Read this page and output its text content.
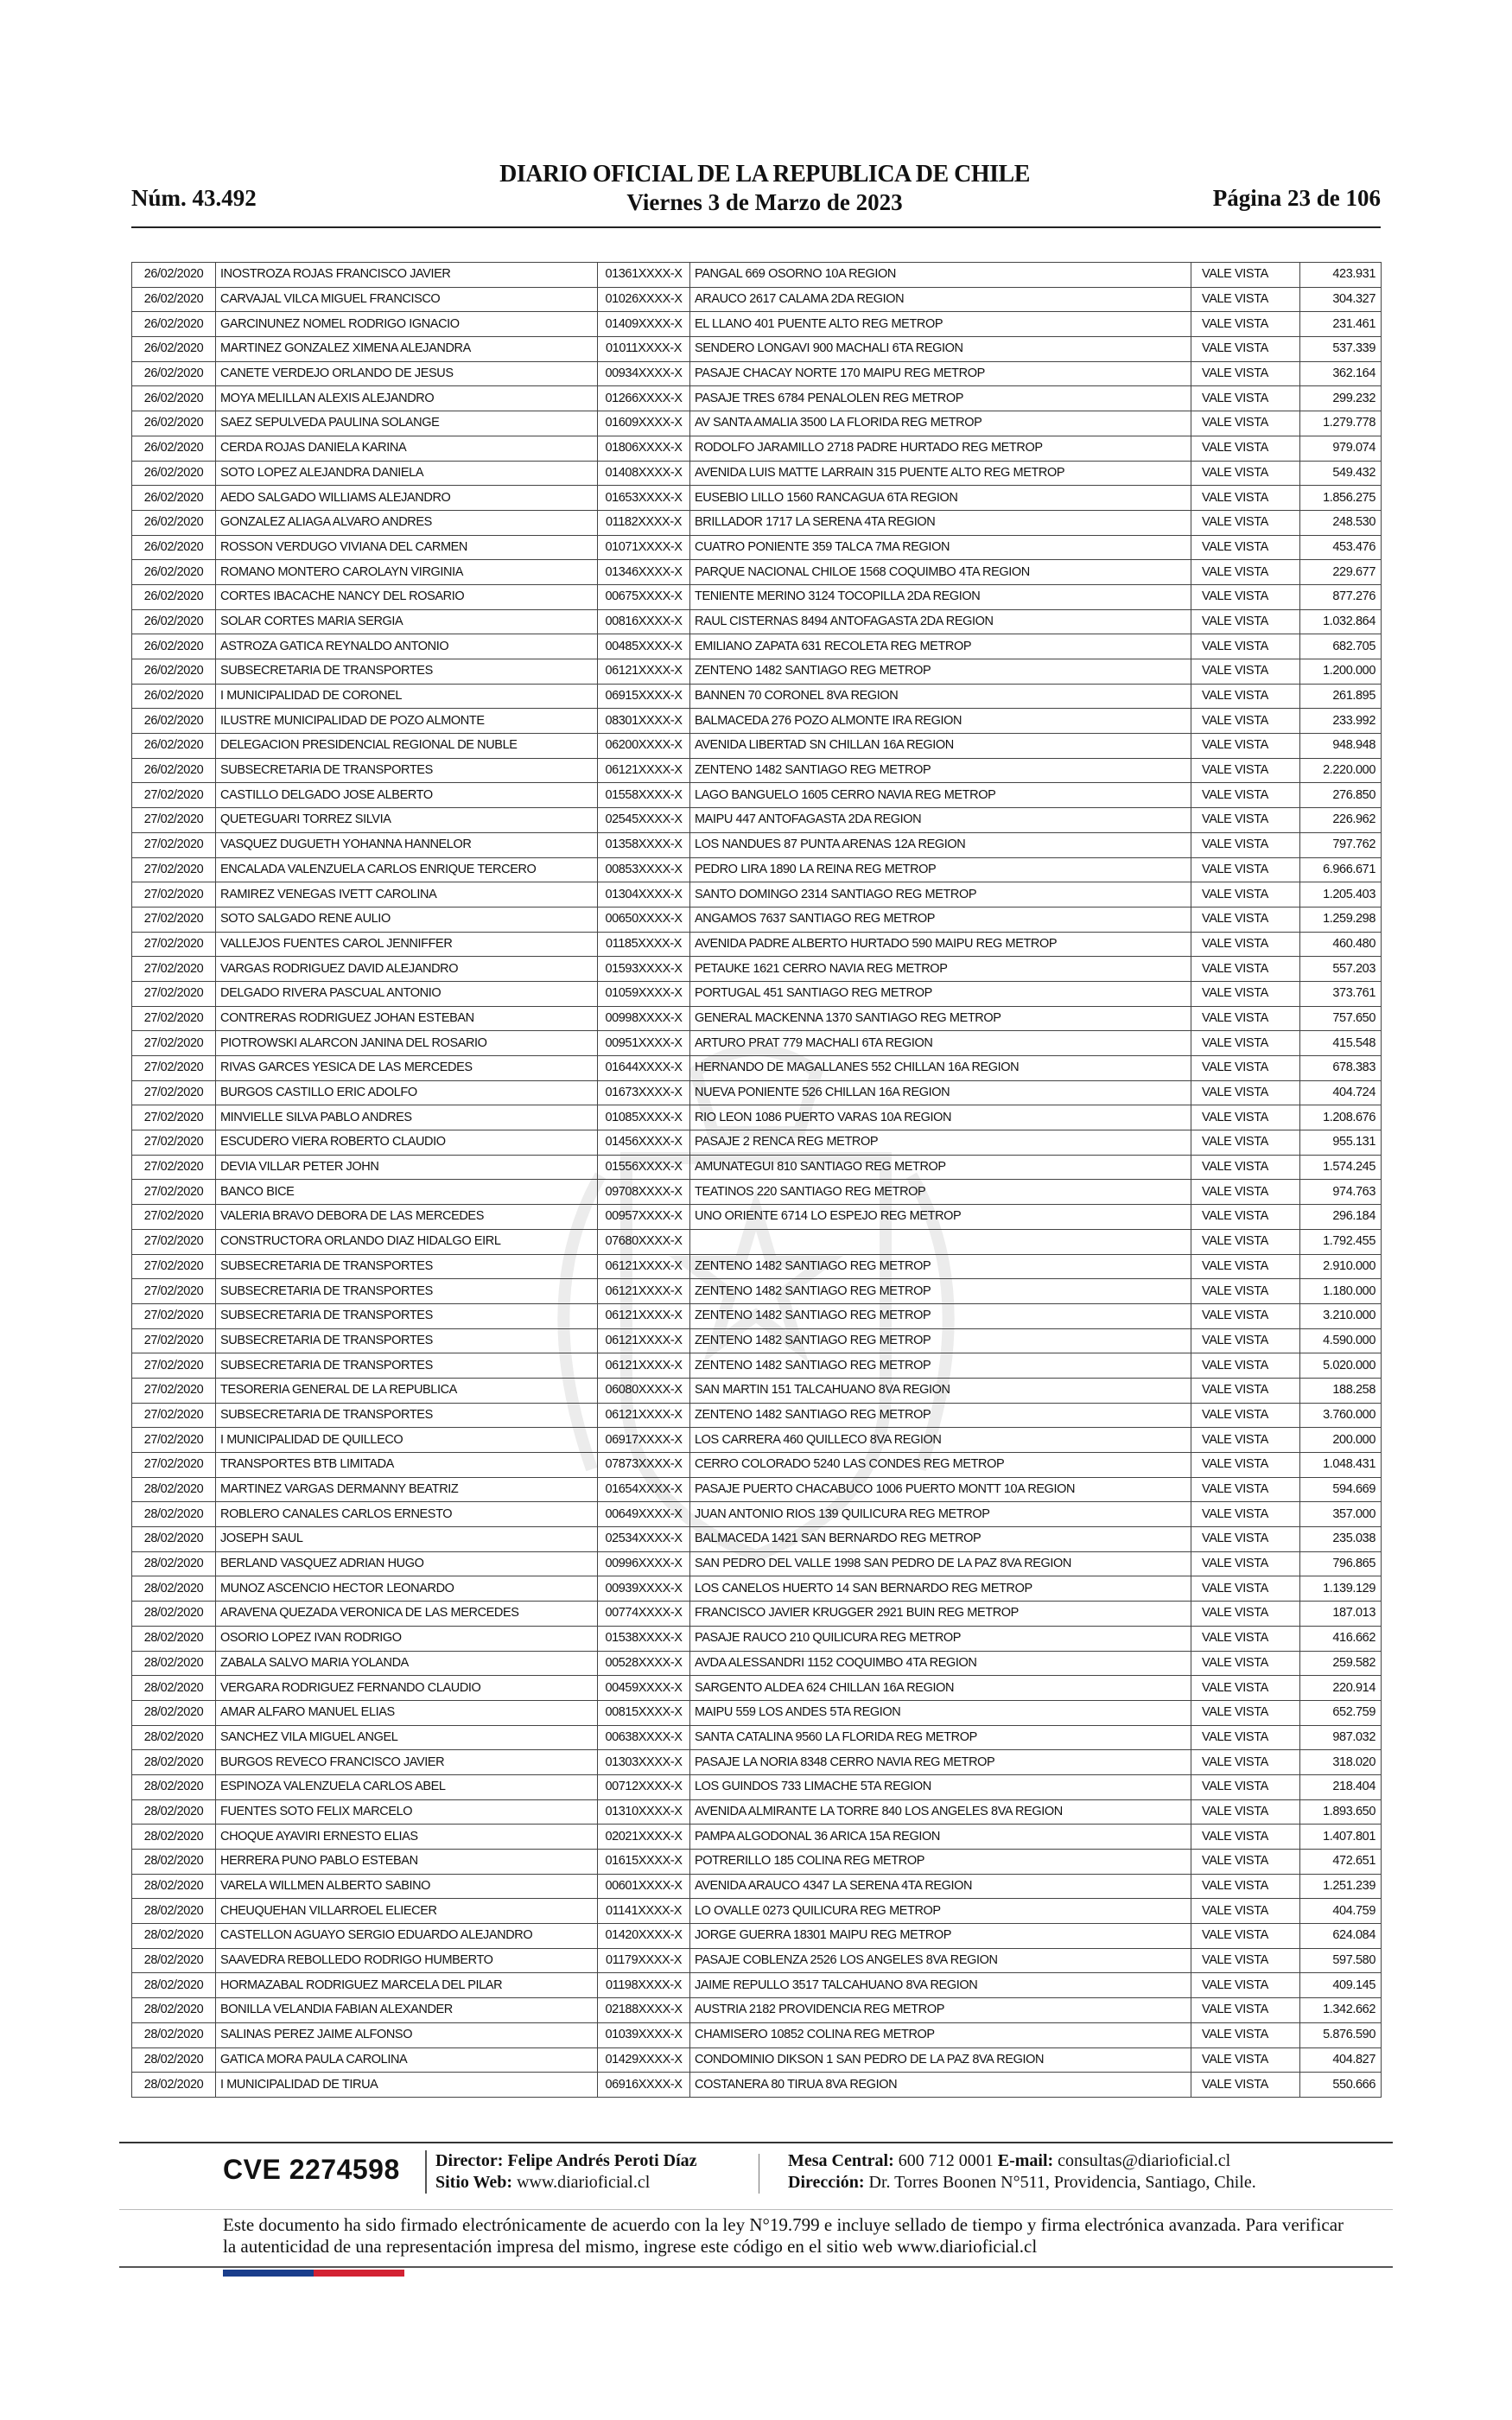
Núm. 43.492
DIARIO OFICIAL DE LA REPUBLICA DE CHILE
Viernes 3 de Marzo de 2023	Página 23 de 106
26/02/2020	INOSTROZA ROJAS FRANCISCO JAVIER	01361XXXX-X	PANGAL 669 OSORNO 10A REGION	VALE VISTA	423.931
26/02/2020	CARVAJAL VILCA MIGUEL FRANCISCO	01026XXXX-X	ARAUCO 2617 CALAMA 2DA REGION	VALE VISTA	304.327
26/02/2020	GARCINUNEZ NOMEL RODRIGO IGNACIO	01409XXXX-X	EL LLANO 401 PUENTE ALTO REG METROP	VALE VISTA	231.461
26/02/2020	MARTINEZ GONZALEZ XIMENA ALEJANDRA	01011XXXX-X	SENDERO LONGAVI 900 MACHALI 6TA REGION	VALE VISTA	537.339
26/02/2020	CANETE VERDEJO ORLANDO DE JESUS	00934XXXX-X	PASAJE CHACAY NORTE 170 MAIPU REG METROP	VALE VISTA	362.164
26/02/2020	MOYA MELILLAN ALEXIS ALEJANDRO	01266XXXX-X	PASAJE TRES 6784 PENALOLEN REG METROP	VALE VISTA	299.232
26/02/2020	SAEZ SEPULVEDA PAULINA SOLANGE	01609XXXX-X	AV SANTA AMALIA 3500 LA FLORIDA REG METROP	VALE VISTA	1.279.778
26/02/2020	CERDA ROJAS DANIELA KARINA	01806XXXX-X	RODOLFO JARAMILLO 2718 PADRE HURTADO REG METROP	VALE VISTA	979.074
26/02/2020	SOTO LOPEZ ALEJANDRA DANIELA	01408XXXX-X	AVENIDA LUIS MATTE LARRAIN 315 PUENTE ALTO REG METROP	VALE VISTA	549.432
26/02/2020	AEDO SALGADO WILLIAMS ALEJANDRO	01653XXXX-X	EUSEBIO LILLO 1560 RANCAGUA 6TA REGION	VALE VISTA	1.856.275
26/02/2020	GONZALEZ ALIAGA ALVARO ANDRES	01182XXXX-X	BRILLADOR 1717 LA SERENA 4TA REGION	VALE VISTA	248.530
26/02/2020	ROSSON VERDUGO VIVIANA DEL CARMEN	01071XXXX-X	CUATRO PONIENTE 359 TALCA 7MA REGION	VALE VISTA	453.476
26/02/2020	ROMANO MONTERO CAROLAYN VIRGINIA	01346XXXX-X	PARQUE NACIONAL CHILOE 1568 COQUIMBO 4TA REGION	VALE VISTA	229.677
26/02/2020	CORTES IBACACHE NANCY DEL ROSARIO	00675XXXX-X	TENIENTE MERINO 3124 TOCOPILLA 2DA REGION	VALE VISTA	877.276
26/02/2020	SOLAR CORTES MARIA SERGIA	00816XXXX-X	RAUL CISTERNAS 8494 ANTOFAGASTA 2DA REGION	VALE VISTA	1.032.864
26/02/2020	ASTROZA GATICA REYNALDO ANTONIO	00485XXXX-X	EMILIANO ZAPATA 631 RECOLETA REG METROP	VALE VISTA	682.705
26/02/2020	SUBSECRETARIA DE TRANSPORTES	06121XXXX-X	ZENTENO 1482 SANTIAGO REG METROP	VALE VISTA	1.200.000
26/02/2020	I MUNICIPALIDAD DE CORONEL	06915XXXX-X	BANNEN 70 CORONEL 8VA REGION	VALE VISTA	261.895
26/02/2020	ILUSTRE MUNICIPALIDAD DE POZO ALMONTE	08301XXXX-X	BALMACEDA 276 POZO ALMONTE IRA REGION	VALE VISTA	233.992
26/02/2020	DELEGACION PRESIDENCIAL REGIONAL DE NUBLE	06200XXXX-X	AVENIDA LIBERTAD SN CHILLAN 16A REGION	VALE VISTA	948.948
26/02/2020	SUBSECRETARIA DE TRANSPORTES	06121XXXX-X	ZENTENO 1482 SANTIAGO REG METROP	VALE VISTA	2.220.000
27/02/2020	CASTILLO DELGADO JOSE ALBERTO	01558XXXX-X	LAGO BANGUELO 1605 CERRO NAVIA REG METROP	VALE VISTA	276.850
27/02/2020	QUETEGUARI TORREZ SILVIA	02545XXXX-X	MAIPU 447 ANTOFAGASTA 2DA REGION	VALE VISTA	226.962
27/02/2020	VASQUEZ DUGUETH YOHANNA HANNELOR	01358XXXX-X	LOS NANDUES 87 PUNTA ARENAS 12A REGION	VALE VISTA	797.762
27/02/2020	ENCALADA VALENZUELA CARLOS ENRIQUE TERCERO	00853XXXX-X	PEDRO LIRA 1890 LA REINA REG METROP	VALE VISTA	6.966.671
27/02/2020	RAMIREZ VENEGAS IVETT CAROLINA	01304XXXX-X	SANTO DOMINGO 2314 SANTIAGO REG METROP	VALE VISTA	1.205.403
27/02/2020	SOTO SALGADO RENE AULIO	00650XXXX-X	ANGAMOS 7637 SANTIAGO REG METROP	VALE VISTA	1.259.298
27/02/2020	VALLEJOS FUENTES CAROL JENNIFFER	01185XXXX-X	AVENIDA PADRE ALBERTO HURTADO 590 MAIPU REG METROP	VALE VISTA	460.480
27/02/2020	VARGAS RODRIGUEZ DAVID ALEJANDRO	01593XXXX-X	PETAUKE 1621 CERRO NAVIA REG METROP	VALE VISTA	557.203
27/02/2020	DELGADO RIVERA PASCUAL ANTONIO	01059XXXX-X	PORTUGAL 451 SANTIAGO REG METROP	VALE VISTA	373.761
27/02/2020	CONTRERAS RODRIGUEZ JOHAN ESTEBAN	00998XXXX-X	GENERAL MACKENNA 1370 SANTIAGO REG METROP	VALE VISTA	757.650
27/02/2020	PIOTROWSKI ALARCON JANINA DEL ROSARIO	00951XXXX-X	ARTURO PRAT 779 MACHALI 6TA REGION	VALE VISTA	415.548
27/02/2020	RIVAS GARCES YESICA DE LAS MERCEDES	01644XXXX-X	HERNANDO DE MAGALLANES 552 CHILLAN 16A REGION	VALE VISTA	678.383
27/02/2020	BURGOS CASTILLO ERIC ADOLFO	01673XXXX-X	NUEVA PONIENTE 526 CHILLAN 16A REGION	VALE VISTA	404.724
27/02/2020	MINVIELLE SILVA PABLO ANDRES	01085XXXX-X	RIO LEON 1086 PUERTO VARAS 10A REGION	VALE VISTA	1.208.676
27/02/2020	ESCUDERO VIERA ROBERTO CLAUDIO	01456XXXX-X	PASAJE 2 RENCA REG METROP	VALE VISTA	955.131
27/02/2020	DEVIA VILLAR PETER JOHN	01556XXXX-X	AMUNATEGUI 810 SANTIAGO REG METROP	VALE VISTA	1.574.245
27/02/2020	BANCO BICE	09708XXXX-X	TEATINOS 220 SANTIAGO REG METROP	VALE VISTA	974.763
27/02/2020	VALERIA BRAVO DEBORA DE LAS MERCEDES	00957XXXX-X	UNO ORIENTE 6714 LO ESPEJO REG METROP	VALE VISTA	296.184
27/02/2020	CONSTRUCTORA ORLANDO DIAZ HIDALGO EIRL	07680XXXX-X		VALE VISTA	1.792.455
27/02/2020	SUBSECRETARIA DE TRANSPORTES	06121XXXX-X	ZENTENO 1482 SANTIAGO REG METROP	VALE VISTA	2.910.000
27/02/2020	SUBSECRETARIA DE TRANSPORTES	06121XXXX-X	ZENTENO 1482 SANTIAGO REG METROP	VALE VISTA	1.180.000
27/02/2020	SUBSECRETARIA DE TRANSPORTES	06121XXXX-X	ZENTENO 1482 SANTIAGO REG METROP	VALE VISTA	3.210.000
27/02/2020	SUBSECRETARIA DE TRANSPORTES	06121XXXX-X	ZENTENO 1482 SANTIAGO REG METROP	VALE VISTA	4.590.000
27/02/2020	SUBSECRETARIA DE TRANSPORTES	06121XXXX-X	ZENTENO 1482 SANTIAGO REG METROP	VALE VISTA	5.020.000
27/02/2020	TESORERIA GENERAL DE LA REPUBLICA	06080XXXX-X	SAN MARTIN 151 TALCAHUANO 8VA REGION	VALE VISTA	188.258
27/02/2020	SUBSECRETARIA DE TRANSPORTES	06121XXXX-X	ZENTENO 1482 SANTIAGO REG METROP	VALE VISTA	3.760.000
27/02/2020	I MUNICIPALIDAD DE QUILLECO	06917XXXX-X	LOS CARRERA 460 QUILLECO 8VA REGION	VALE VISTA	200.000
27/02/2020	TRANSPORTES BTB LIMITADA	07873XXXX-X	CERRO COLORADO 5240 LAS CONDES REG METROP	VALE VISTA	1.048.431
28/02/2020	MARTINEZ VARGAS DERMANNY BEATRIZ	01654XXXX-X	PASAJE PUERTO CHACABUCO 1006 PUERTO MONTT 10A REGION	VALE VISTA	594.669
28/02/2020	ROBLERO CANALES CARLOS ERNESTO	00649XXXX-X	JUAN ANTONIO RIOS 139 QUILICURA REG METROP	VALE VISTA	357.000
28/02/2020	JOSEPH SAUL	02534XXXX-X	BALMACEDA 1421 SAN BERNARDO REG METROP	VALE VISTA	235.038
28/02/2020	BERLAND VASQUEZ ADRIAN HUGO	00996XXXX-X	SAN PEDRO DEL VALLE 1998 SAN PEDRO DE LA PAZ 8VA REGION	VALE VISTA	796.865
28/02/2020	MUNOZ ASCENCIO HECTOR LEONARDO	00939XXXX-X	LOS CANELOS HUERTO 14 SAN BERNARDO REG METROP	VALE VISTA	1.139.129
28/02/2020	ARAVENA QUEZADA VERONICA DE LAS MERCEDES	00774XXXX-X	FRANCISCO JAVIER KRUGGER 2921 BUIN REG METROP	VALE VISTA	187.013
28/02/2020	OSORIO LOPEZ IVAN RODRIGO	01538XXXX-X	PASAJE RAUCO 210 QUILICURA REG METROP	VALE VISTA	416.662
28/02/2020	ZABALA SALVO MARIA YOLANDA	00528XXXX-X	AVDA ALESSANDRI 1152 COQUIMBO 4TA REGION	VALE VISTA	259.582
28/02/2020	VERGARA RODRIGUEZ FERNANDO CLAUDIO	00459XXXX-X	SARGENTO ALDEA 624 CHILLAN 16A REGION	VALE VISTA	220.914
28/02/2020	AMAR ALFARO MANUEL ELIAS	00815XXXX-X	MAIPU 559 LOS ANDES 5TA REGION	VALE VISTA	652.759
28/02/2020	SANCHEZ VILA MIGUEL ANGEL	00638XXXX-X	SANTA CATALINA 9560 LA FLORIDA REG METROP	VALE VISTA	987.032
28/02/2020	BURGOS REVECO FRANCISCO JAVIER	01303XXXX-X	PASAJE LA NORIA 8348 CERRO NAVIA REG METROP	VALE VISTA	318.020
28/02/2020	ESPINOZA VALENZUELA CARLOS ABEL	00712XXXX-X	LOS GUINDOS 733 LIMACHE 5TA REGION	VALE VISTA	218.404
28/02/2020	FUENTES SOTO FELIX MARCELO	01310XXXX-X	AVENIDA ALMIRANTE LA TORRE 840 LOS ANGELES 8VA REGION	VALE VISTA	1.893.650
28/02/2020	CHOQUE AYAVIRI ERNESTO ELIAS	02021XXXX-X	PAMPA ALGODONAL 36 ARICA 15A REGION	VALE VISTA	1.407.801
28/02/2020	HERRERA PUNO PABLO ESTEBAN	01615XXXX-X	POTRERILLO 185 COLINA REG METROP	VALE VISTA	472.651
28/02/2020	VARELA WILLMEN ALBERTO SABINO	00601XXXX-X	AVENIDA ARAUCO 4347 LA SERENA 4TA REGION	VALE VISTA	1.251.239
28/02/2020	CHEUQUEHAN VILLARROEL ELIECER	01141XXXX-X	LO OVALLE 0273 QUILICURA REG METROP	VALE VISTA	404.759
28/02/2020	CASTELLON AGUAYO SERGIO EDUARDO ALEJANDRO	01420XXXX-X	JORGE GUERRA 18301 MAIPU REG METROP	VALE VISTA	624.084
28/02/2020	SAAVEDRA REBOLLEDO RODRIGO HUMBERTO	01179XXXX-X	PASAJE COBLENZA 2526 LOS ANGELES 8VA REGION	VALE VISTA	597.580
28/02/2020	HORMAZABAL RODRIGUEZ MARCELA DEL PILAR	01198XXXX-X	JAIME REPULLO 3517 TALCAHUANO 8VA REGION	VALE VISTA	409.145
28/02/2020	BONILLA VELANDIA FABIAN ALEXANDER	02188XXXX-X	AUSTRIA 2182 PROVIDENCIA REG METROP	VALE VISTA	1.342.662
28/02/2020	SALINAS PEREZ JAIME ALFONSO	01039XXXX-X	CHAMISERO 10852 COLINA REG METROP	VALE VISTA	5.876.590
28/02/2020	GATICA MORA PAULA CAROLINA	01429XXXX-X	CONDOMINIO DIKSON 1 SAN PEDRO DE LA PAZ 8VA REGION	VALE VISTA	404.827
28/02/2020	I MUNICIPALIDAD DE TIRUA	06916XXXX-X	COSTANERA 80 TIRUA 8VA REGION	VALE VISTA	550.666
CVE 2274598 Director: Felipe Andrés Peroti Díaz
Sitio Web: www.diarioficial.cl
Mesa Central: 600 712 0001 E-mail: consultas@diarioficial.cl
Dirección: Dr. Torres Boonen N°511, Providencia, Santiago, Chile.
Este documento ha sido firmado electrónicamente de acuerdo con la ley N°19.799 e incluye sellado de tiempo y firma electrónica avanzada. Para verificar la autenticidad de una representación impresa del mismo, ingrese este código en el sitio web www.diarioficial.cl
